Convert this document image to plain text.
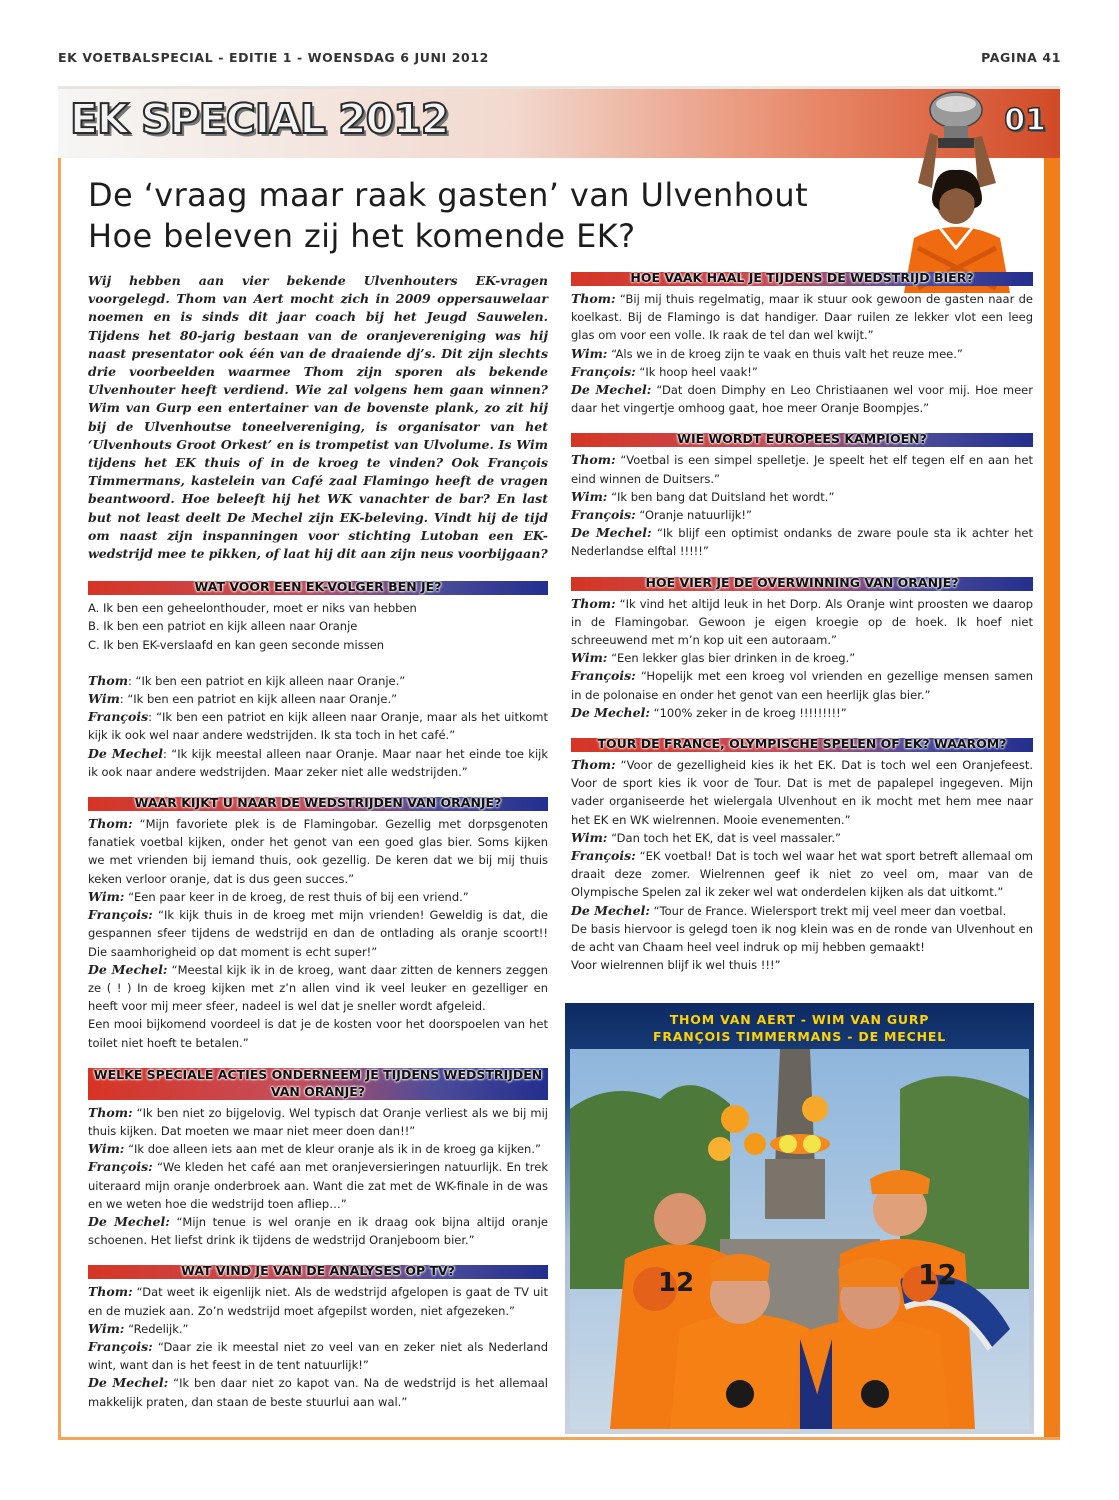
EK VOETBALSPECIAL - EDITIE 1 - WOENSDAG 6 JUNI 2012	PAGINA 41
EK SPECIAL 2012	01
De ‘vraag maar raak gasten’ van Ulvenhout
Hoe beleven zij het komende EK?

Wij hebben aan vier bekende Ulvenhouters EK-vragen voorgelegd. Thom van Aert mocht zich in 2009 oppersauwelaar noemen en is sinds dit jaar coach bij het Jeugd Sauwelen. Tijdens het 80-jarig bestaan van de oranjevereniging was hij naast presentator ook één van de draaiende dj’s. Dit zijn slechts drie voorbeelden waarmee Thom zijn sporen als bekende Ulvenhouter heeft verdiend. Wie zal volgens hem gaan winnen? Wim van Gurp een entertainer van de bovenste plank, zo zit hij bij de Ulvenhoutse toneelvereniging, is organisator van het ‘Ulvenhouts Groot Orkest’ en is trompetist van Ulvolume. Is Wim tijdens het EK thuis of in de kroeg te vinden? Ook François Timmermans, kastelein van Café zaal Flamingo heeft de vragen beantwoord. Hoe beleeft hij het WK vanachter de bar? En last but not least deelt De Mechel zijn EK-beleving. Vindt hij de tijd om naast zijn inspanningen voor stichting Lutoban een EK-wedstrijd mee te pikken, of laat hij dit aan zijn neus voorbijgaan?

WAT VOOR EEN EK-VOLGER BEN JE?
A. Ik ben een geheelonthouder, moet er niks van hebben
B. Ik ben een patriot en kijk alleen naar Oranje
C. Ik ben EK-verslaafd en kan geen seconde missen

Thom: “Ik ben een patriot en kijk alleen naar Oranje.”

Wim: “Ik ben een patriot en kijk alleen naar Oranje.”

François: “Ik ben een patriot en kijk alleen naar Oranje, maar als het uitkomt kijk ik ook wel naar andere wedstrijden. Ik sta toch in het café.”

De Mechel: “Ik kijk meestal alleen naar Oranje. Maar naar het einde toe kijk ik ook naar andere wedstrijden. Maar zeker niet alle wedstrijden.”

WAAR KIJKT U NAAR DE WEDSTRIJDEN VAN ORANJE?

Thom: “Mijn favoriete plek is de Flamingobar. Gezellig met dorpsgenoten fanatiek voetbal kijken, onder het genot van een goed glas bier. Soms kijken we met vrienden bij iemand thuis, ook gezellig. De keren dat we bij mij thuis keken verloor oranje, dat is dus geen succes.”

Wim: “Een paar keer in de kroeg, de rest thuis of bij een vriend.”

François: “Ik kijk thuis in de kroeg met mijn vrienden! Geweldig is dat, die gespannen sfeer tijdens de wedstrijd en dan de ontlading als oranje scoort!! Die saamhorigheid op dat moment is echt super!”

De Mechel: “Meestal kijk ik in de kroeg, want daar zitten de kenners zeggen ze ( ! ) In de kroeg kijken met z’n allen vind ik veel leuker en gezelliger en heeft voor mij meer sfeer, nadeel is wel dat je sneller wordt afgeleid.

Een mooi bijkomend voordeel is dat je de kosten voor het doorspoelen van het toilet niet hoeft te betalen.”

WELKE SPECIALE ACTIES ONDERNEEM JE TIJDENS WEDSTRIJDEN VAN ORANJE?

Thom: “Ik ben niet zo bijgelovig. Wel typisch dat Oranje verliest als we bij mij thuis kijken. Dat moeten we maar niet meer doen dan!!”

Wim: “Ik doe alleen iets aan met de kleur oranje als ik in de kroeg ga kijken.”

François: “We kleden het café aan met oranjeversieringen natuurlijk. En trek uiteraard mijn oranje onderbroek aan. Want die zat met de WK-finale in de was en we weten hoe die wedstrijd toen afliep…”

De Mechel: “Mijn tenue is wel oranje en ik draag ook bijna altijd oranje schoenen. Het liefst drink ik tijdens de wedstrijd Oranjeboom bier.”

WAT VIND JE VAN DE ANALYSES OP TV?

Thom: “Dat weet ik eigenlijk niet. Als de wedstrijd afgelopen is gaat de TV uit en de muziek aan. Zo’n wedstrijd moet afgepilst worden, niet afgezeken.”

Wim: “Redelijk.”

François: “Daar zie ik meestal niet zo veel van en zeker niet als Nederland wint, want dan is het feest in de tent natuurlijk!”

De Mechel: “Ik ben daar niet zo kapot van. Na de wedstrijd is het allemaal makkelijk praten, dan staan de beste stuurlui aan wal.”

HOE VAAK HAAL JE TIJDENS DE WEDSTRIJD BIER?

Thom: “Bij mij thuis regelmatig, maar ik stuur ook gewoon de gasten naar de koelkast. Bij de Flamingo is dat handiger. Daar ruilen ze lekker vlot een leeg glas om voor een volle. Ik raak de tel dan wel kwijt.”

Wim: “Als we in de kroeg zijn te vaak en thuis valt het reuze mee.”

François: “Ik hoop heel vaak!”

De Mechel: “Dat doen Dimphy en Leo Christiaanen wel voor mij. Hoe meer daar het vingertje omhoog gaat, hoe meer Oranje Boompjes.”

WIE WORDT EUROPEES KAMPIOEN?

Thom: “Voetbal is een simpel spelletje. Je speelt het elf tegen elf en aan het eind winnen de Duitsers.”

Wim: “Ik ben bang dat Duitsland het wordt.”

François: “Oranje natuurlijk!”

De Mechel: “Ik blijf een optimist ondanks de zware poule sta ik achter het Nederlandse elftal !!!!!”

HOE VIER JE DE OVERWINNING VAN ORANJE?

Thom: “Ik vind het altijd leuk in het Dorp. Als Oranje wint proosten we daarop in de Flamingobar. Gewoon je eigen kroegie op de hoek. Ik hoef niet schreeuwend met m’n kop uit een autoraam.”

Wim: “Een lekker glas bier drinken in de kroeg.”

François: “Hopelijk met een kroeg vol vrienden en gezellige mensen samen in de polonaise en onder het genot van een heerlijk glas bier.”

De Mechel: “100% zeker in de kroeg !!!!!!!!!”

TOUR DE FRANCE, OLYMPISCHE SPELEN OF EK? WAAROM?

Thom: “Voor de gezelligheid kies ik het EK. Dat is toch wel een Oranjefeest. Voor de sport kies ik voor de Tour. Dat is met de papalepel ingegeven. Mijn vader organiseerde het wielergala Ulvenhout en ik mocht met hem mee naar het EK en WK wielrennen. Mooie evenementen.”

Wim: “Dan toch het EK, dat is veel massaler.”

François: “EK voetbal! Dat is toch wel waar het wat sport betreft allemaal om draait deze zomer. Wielrennen geef ik niet zo veel om, maar van de Olympische Spelen zal ik zeker wel wat onderdelen kijken als dat uitkomt.”

De Mechel: “Tour de France. Wielersport trekt mij veel meer dan voetbal.

De basis hiervoor is gelegd toen ik nog klein was en de ronde van Ulvenhout en de acht van Chaam heel veel indruk op mij hebben gemaakt!

Voor wielrennen blijf ik wel thuis !!!”

THOM VAN AERT - WIM VAN GURP
FRANÇOIS TIMMERMANS - DE MECHEL
12	12
